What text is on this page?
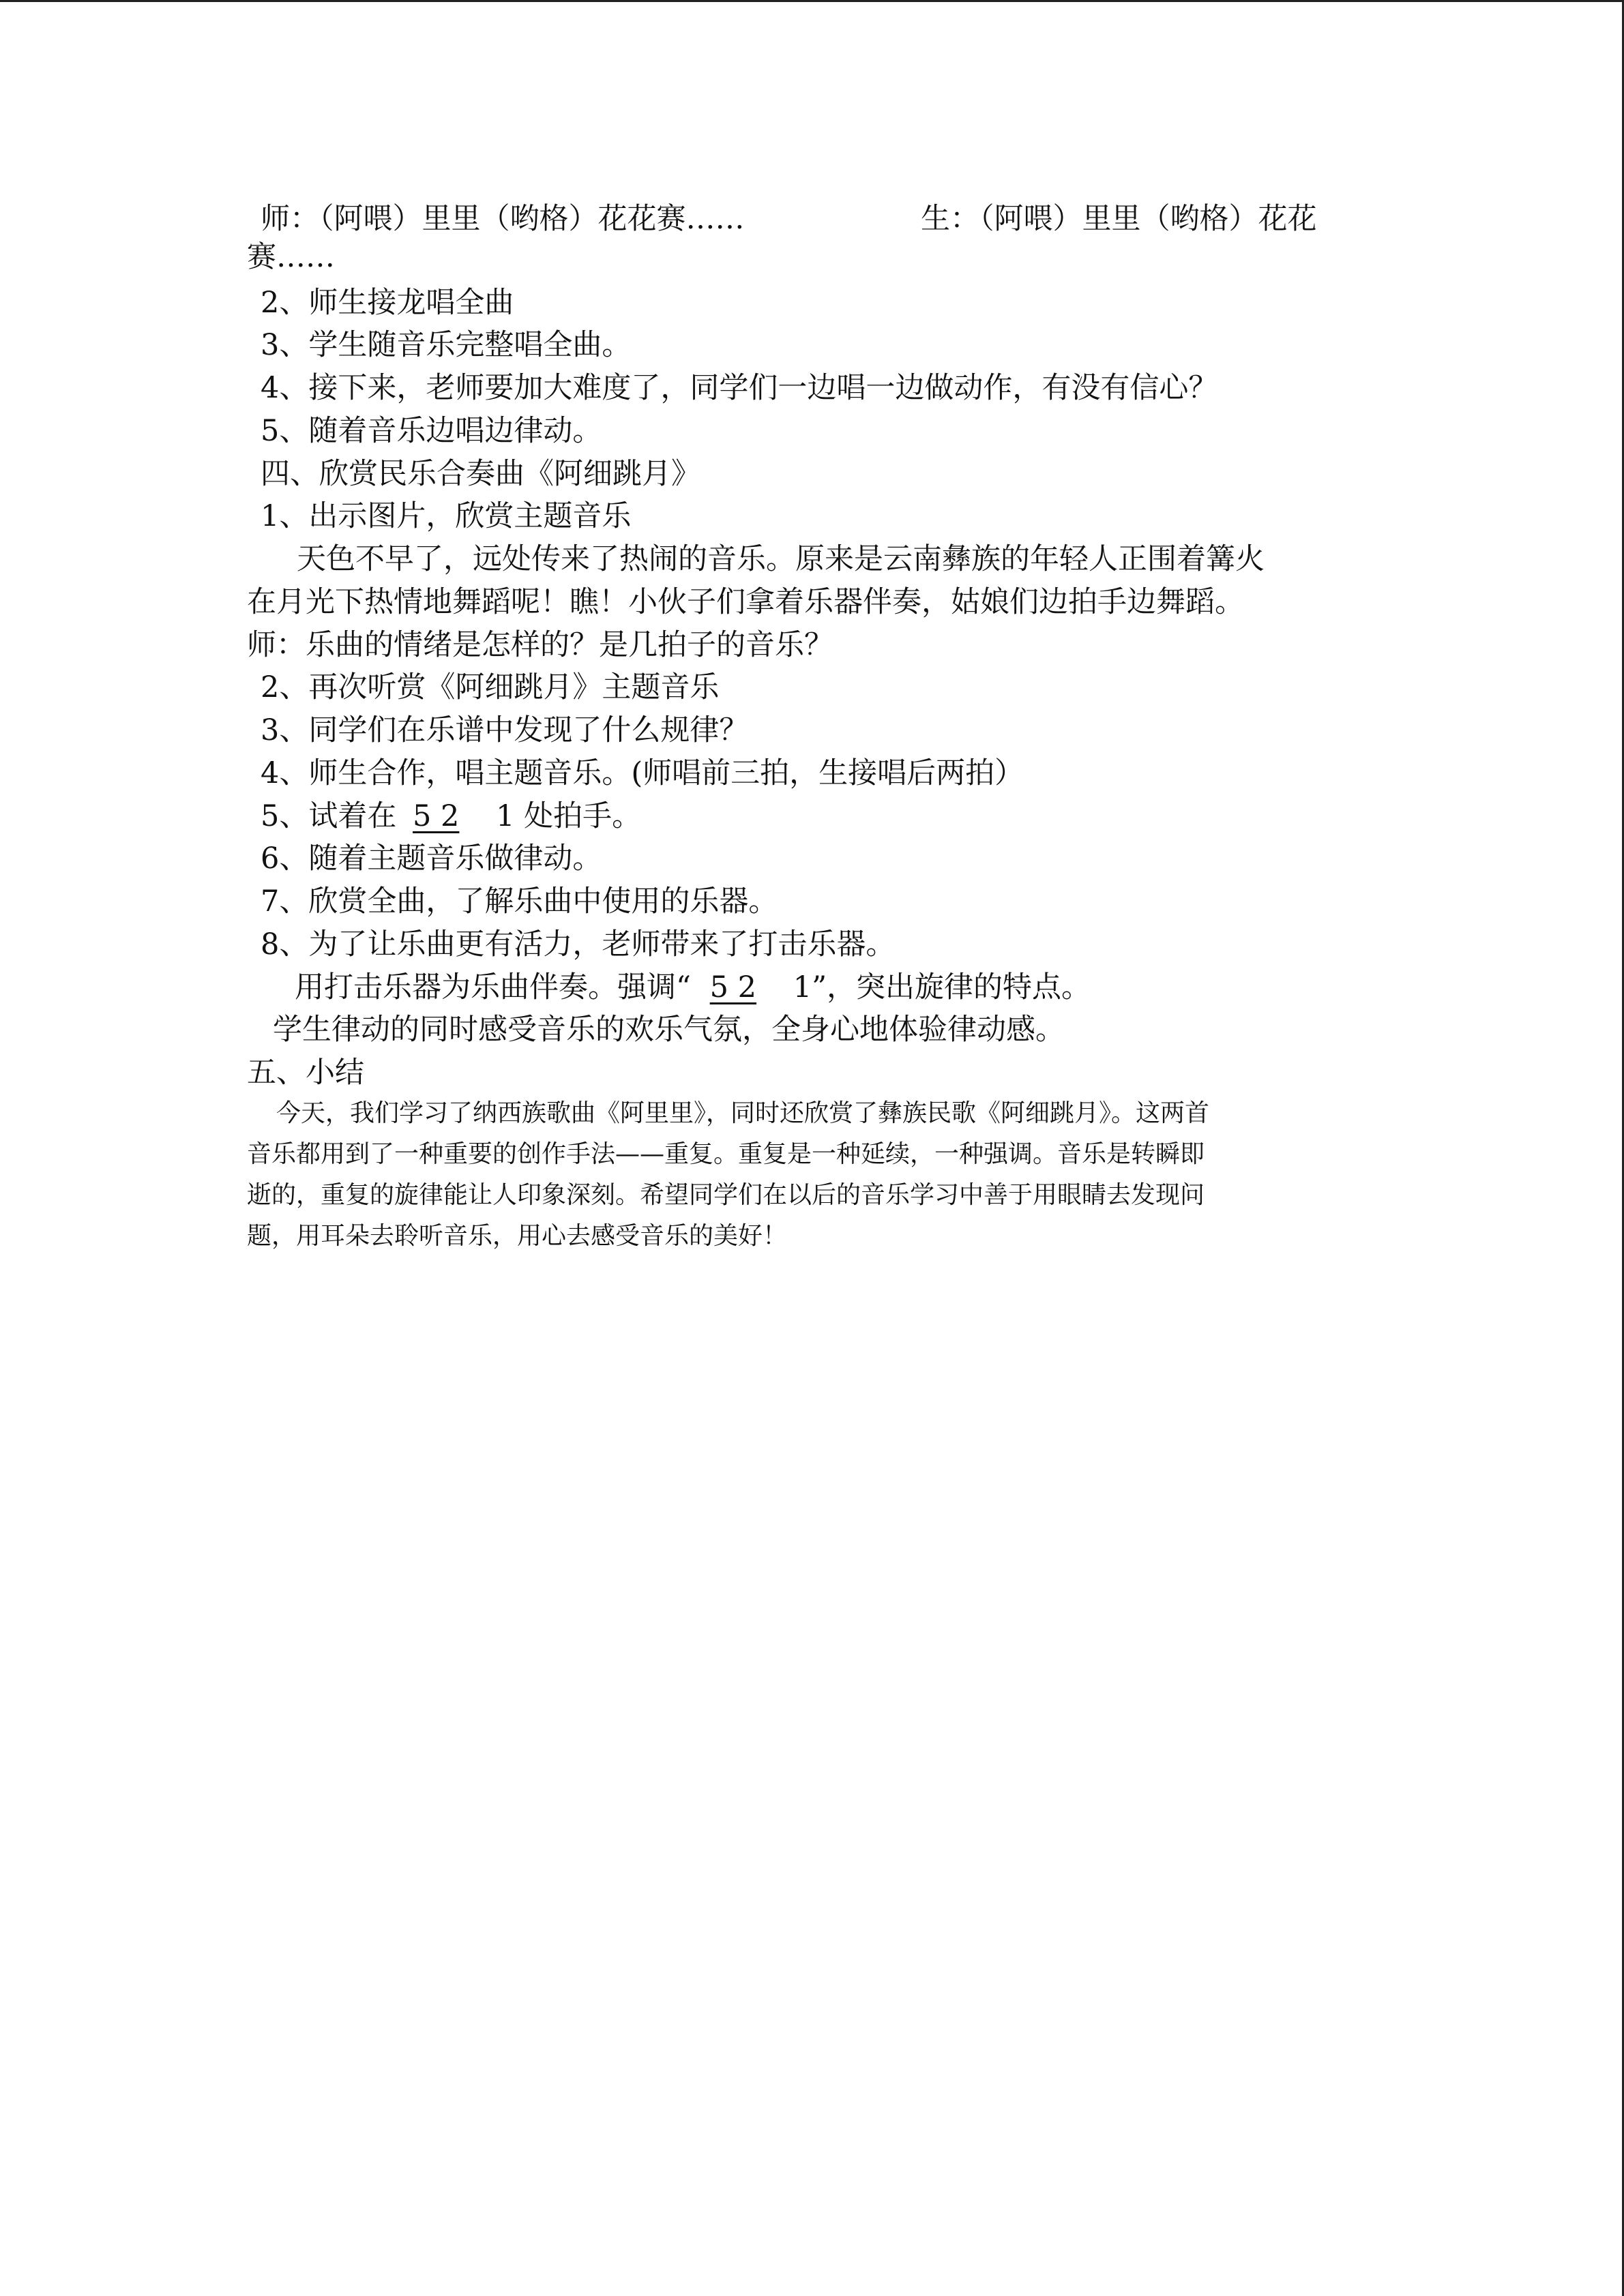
师：（阿喂）里里（哟格）花花赛……	生：（阿喂）里里（哟格）花花
赛……
2、师生接龙唱全曲
3、学生随音乐完整唱全曲。
4、接下来，老师要加大难度了，同学们一边唱一边做动作，有没有信心？
5、随着音乐边唱边律动。
四、欣赏民乐合奏曲《阿细跳月》
1、出示图片，欣赏主题音乐
天色不早了，远处传来了热闹的音乐。原来是云南彝族的年轻人正围着篝火
在月光下热情地舞蹈呢！瞧！小伙子们拿着乐器伴奏，姑娘们边拍手边舞蹈。
师：乐曲的情绪是怎样的？是几拍子的音乐？
2、再次听赏《阿细跳月》主题音乐
3、同学们在乐谱中发现了什么规律？
4、师生合作，唱主题音乐。(师唱前三拍，生接唱后两拍）
5、试着在 5 2 1 处拍手。
6、随着主题音乐做律动。
7、欣赏全曲，了解乐曲中使用的乐器。
8、为了让乐曲更有活力，老师带来了打击乐器。
用打击乐器为乐曲伴奏。强调“ 5 2 1”，突出旋律的特点。
学生律动的同时感受音乐的欢乐气氛，全身心地体验律动感。
五、小结
今天，我们学习了纳西族歌曲《阿里里》，同时还欣赏了彝族民歌《阿细跳月》。这两首
音乐都用到了一种重要的创作手法——重复。重复是一种延续，一种强调。音乐是转瞬即
逝的，重复的旋律能让人印象深刻。希望同学们在以后的音乐学习中善于用眼睛去发现问
题，用耳朵去聆听音乐，用心去感受音乐的美好！
